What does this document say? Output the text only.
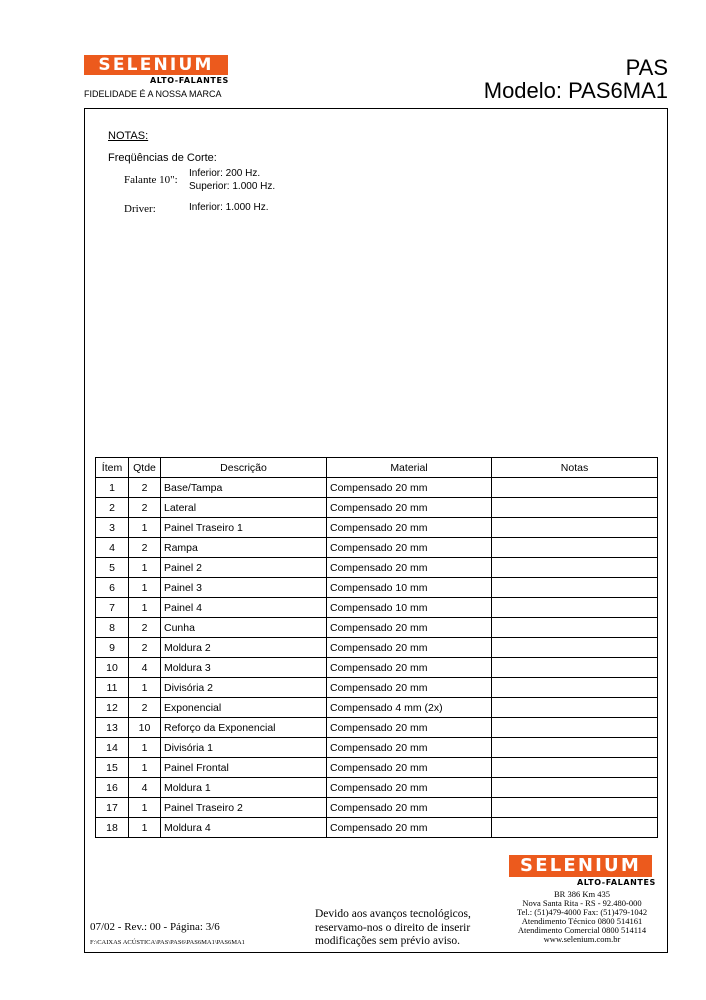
SELENIUM
ALTO-FALANTES
FIDELIDADE É A NOSSA MARCA
PAS
Modelo: PAS6MA1
NOTAS:
Freqüências de Corte:
Falante 10":
Inferior: 200 Hz.
Superior: 1.000 Hz.
Driver:	Inferior: 1.000 Hz.
Ítem	Qtde	Descrição	Material	Notas
1	2	Base/Tampa	Compensado 20 mm	
2	2	Lateral	Compensado 20 mm	
3	1	Painel Traseiro 1	Compensado 20 mm	
4	2	Rampa	Compensado 20 mm	
5	1	Painel 2	Compensado 20 mm	
6	1	Painel 3	Compensado 10 mm	
7	1	Painel 4	Compensado 10 mm	
8	2	Cunha	Compensado 20 mm	
9	2	Moldura 2	Compensado 20 mm	
10	4	Moldura 3	Compensado 20 mm	
11	1	Divisória 2	Compensado 20 mm	
12	2	Exponencial	Compensado 4 mm (2x)	
13	10	Reforço da Exponencial	Compensado 20 mm	
14	1	Divisória 1	Compensado 20 mm	
15	1	Painel Frontal	Compensado 20 mm	
16	4	Moldura 1	Compensado 20 mm	
17	1	Painel Traseiro 2	Compensado 20 mm	
18	1	Moldura 4	Compensado 20 mm	
SELENIUM
ALTO-FALANTES
BR 386 Km 435
Nova Santa Rita - RS - 92.480-000
Tel.: (51)479-4000 Fax: (51)479-1042
Atendimento Técnico 0800 514161
Atendimento Comercial 0800 514114
www.selenium.com.br
07/02 - Rev.: 00 - Página: 3/6
F:\CAIXAS ACÚSTICA\PAS\PAS6\PAS6MA1\PAS6MA1
Devido aos avanços tecnológicos,
reservamo-nos o direito de inserir
modificações sem prévio aviso.
